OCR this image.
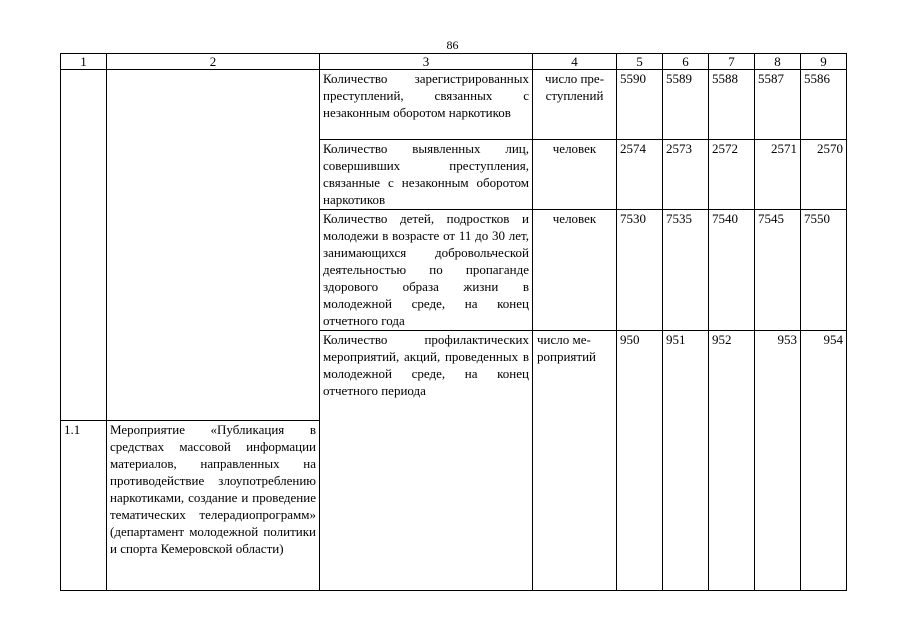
86
1	2	3	4	5	6	7	8	9
		Количество зарегистрированных преступлений, связанных с незаконным оборотом наркотиков	число преступлений	5590	5589	5588	5587	5586
		Количество выявленных лиц, совершивших преступления, связанные с незаконным оборотом наркотиков	человек	2574	2573	2572	2571	2570
		Количество детей, подростков и молодежи в возрасте от 11 до 30 лет, занимающихся добровольческой деятельностью по пропаганде здорового образа жизни в молодежной среде, на конец отчетного года	человек	7530	7535	7540	7545	7550
		Количество профилактических мероприятий, акций, проведенных в молодежной среде, на конец отчетного периода	число мероприятий	950	951	952	953	954
1.1	Мероприятие «Публикация в средствах массовой информации материалов, направленных на противодействие злоупотреблению наркотиками, создание и проведение тематических телерадиопрограмм» (департамент молодежной политики и спорта Кемеровской области)							
